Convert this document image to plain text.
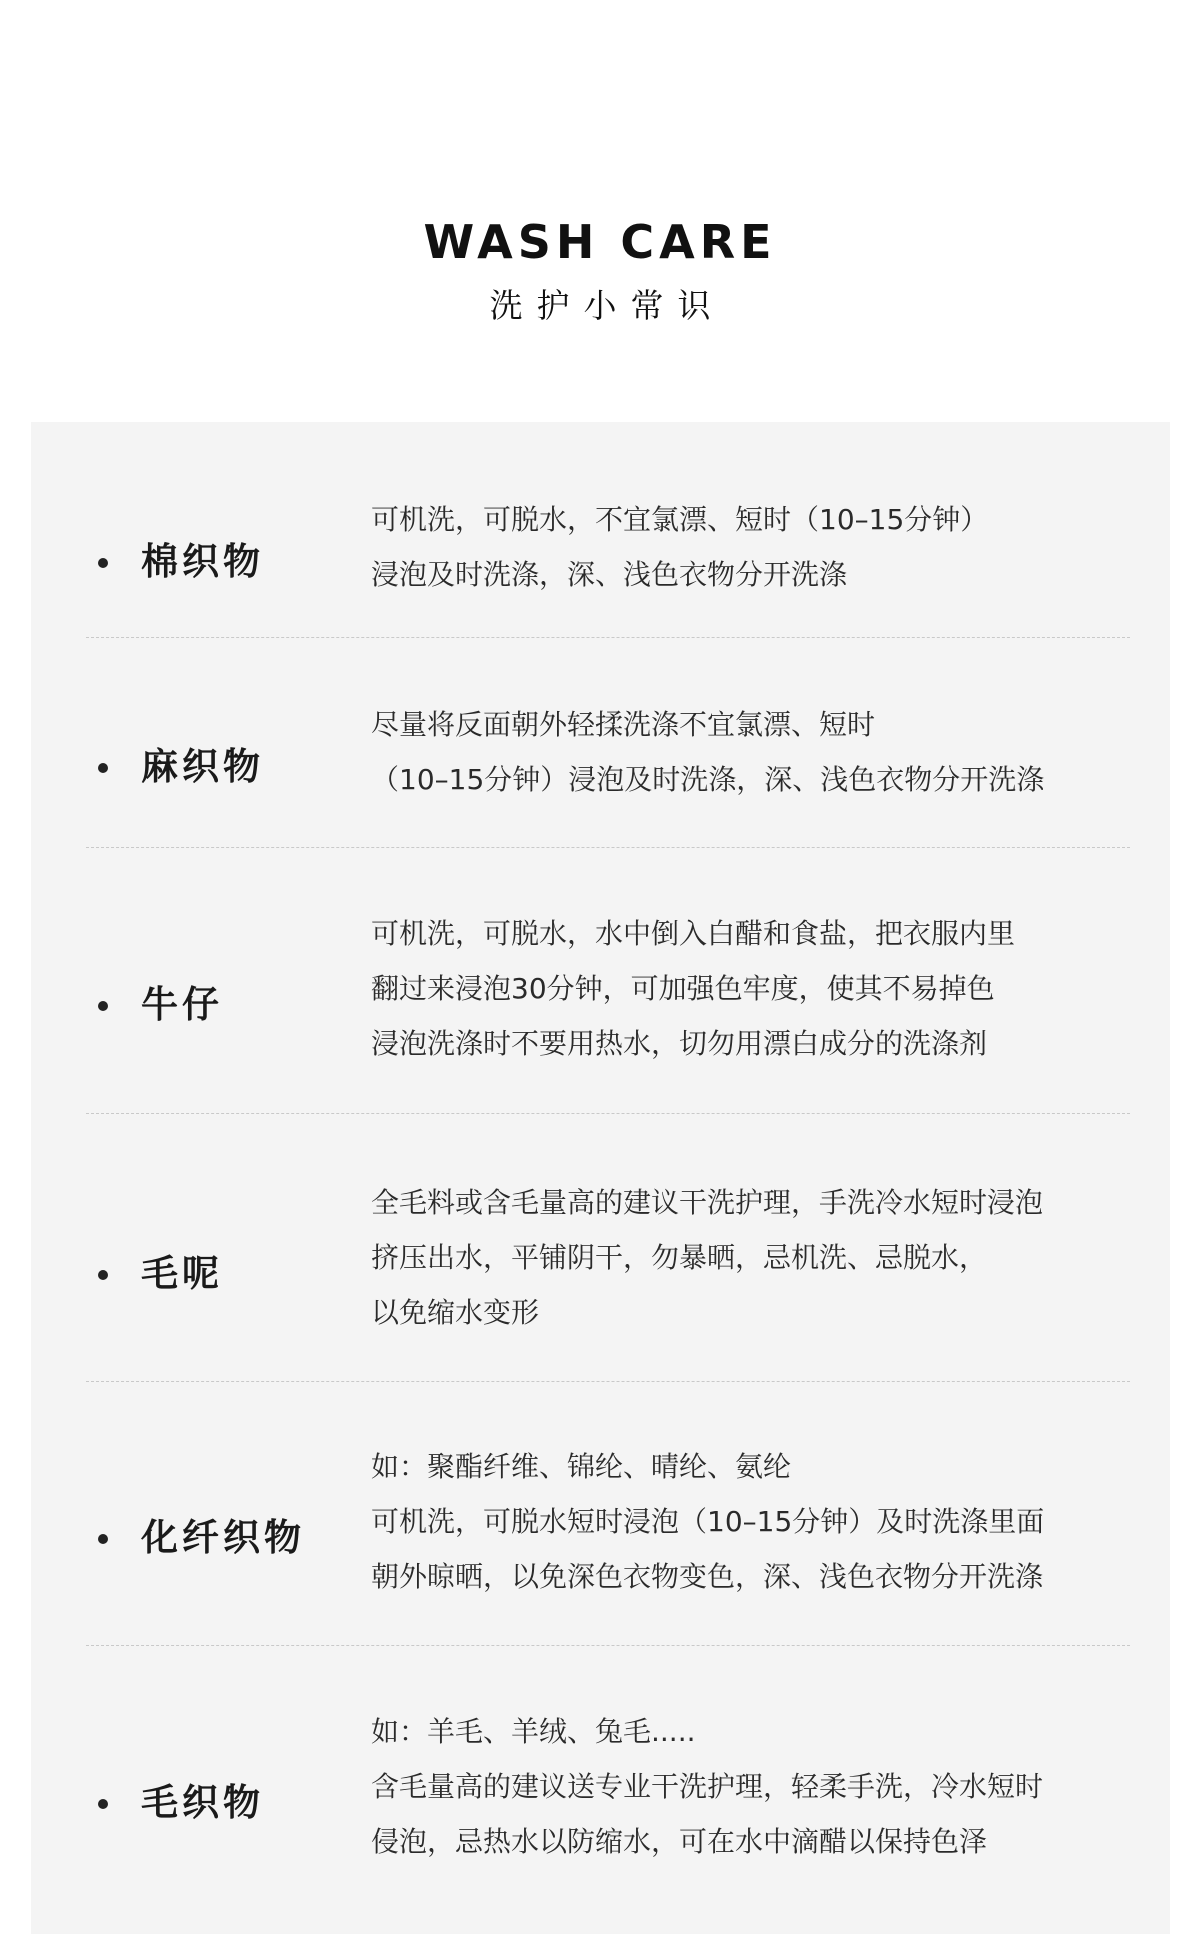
WASH CARE
洗护小常识
棉织物
可机洗，可脱水，不宜氯漂、短时（10–15分钟）
浸泡及时洗涤，深、浅色衣物分开洗涤
麻织物
尽量将反面朝外轻揉洗涤不宜氯漂、短时
（10–15分钟）浸泡及时洗涤，深、浅色衣物分开洗涤
牛仔
可机洗，可脱水，水中倒入白醋和食盐，把衣服内里
翻过来浸泡30分钟，可加强色牢度，使其不易掉色
浸泡洗涤时不要用热水，切勿用漂白成分的洗涤剂
毛呢
全毛料或含毛量高的建议干洗护理，手洗冷水短时浸泡
挤压出水，平铺阴干，勿暴晒，忌机洗、忌脱水，
以免缩水变形
化纤织物
如：聚酯纤维、锦纶、晴纶、氨纶
可机洗，可脱水短时浸泡（10–15分钟）及时洗涤里面
朝外晾晒，以免深色衣物变色，深、浅色衣物分开洗涤
毛织物
如：羊毛、羊绒、兔毛.....
含毛量高的建议送专业干洗护理，轻柔手洗，冷水短时
侵泡，忌热水以防缩水，可在水中滴醋以保持色泽
